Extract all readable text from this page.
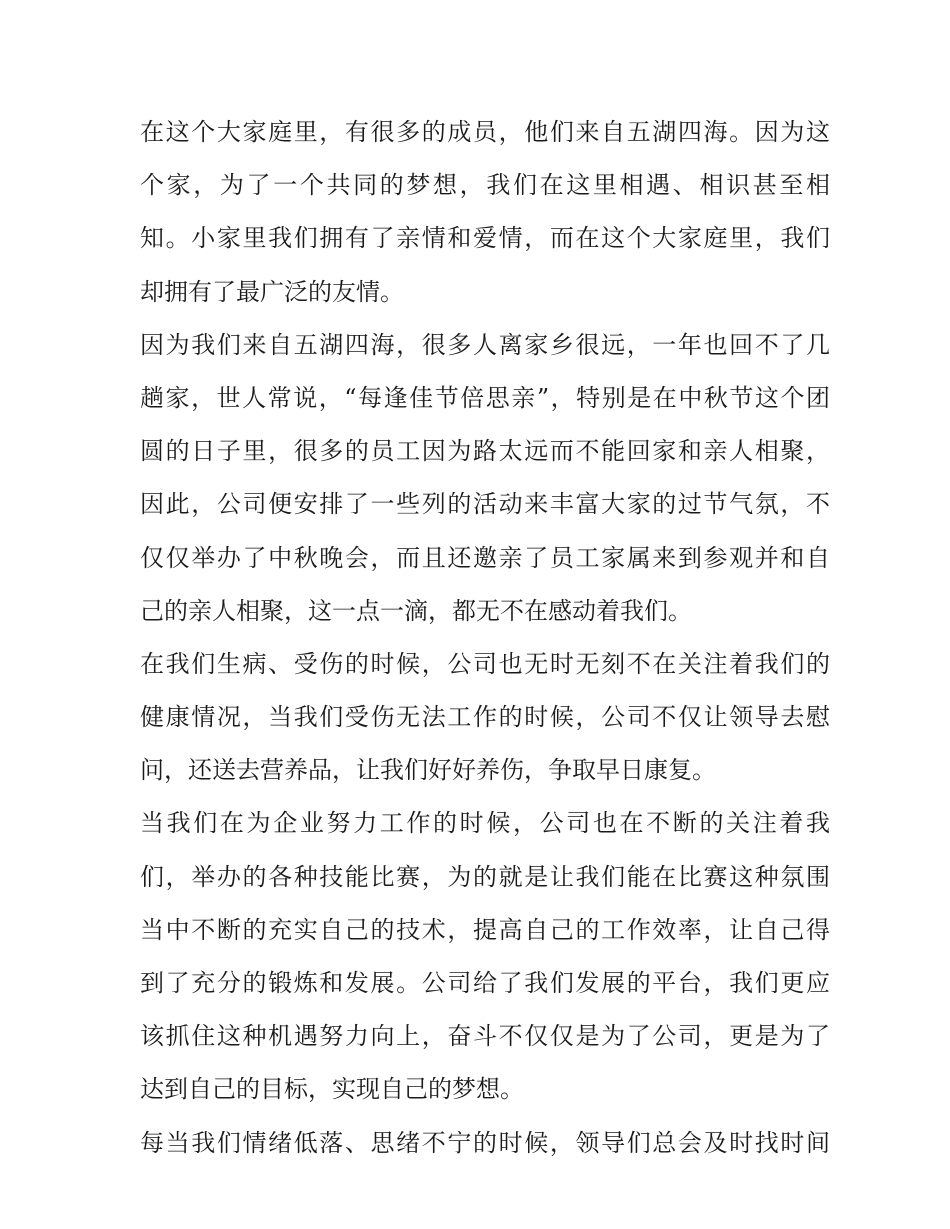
在这个大家庭里，有很多的成员，他们来自五湖四海。因为这
个家，为了一个共同的梦想，我们在这里相遇、相识甚至相
知。小家里我们拥有了亲情和爱情，而在这个大家庭里，我们
却拥有了最广泛的友情。
因为我们来自五湖四海，很多人离家乡很远，一年也回不了几
趟家，世人常说，“每逢佳节倍思亲”，特别是在中秋节这个团
圆的日子里，很多的员工因为路太远而不能回家和亲人相聚，
因此，公司便安排了一些列的活动来丰富大家的过节气氛，不
仅仅举办了中秋晚会，而且还邀亲了员工家属来到参观并和自
己的亲人相聚，这一点一滴，都无不在感动着我们。
在我们生病、受伤的时候，公司也无时无刻不在关注着我们的
健康情况，当我们受伤无法工作的时候，公司不仅让领导去慰
问，还送去营养品，让我们好好养伤，争取早日康复。
当我们在为企业努力工作的时候，公司也在不断的关注着我
们，举办的各种技能比赛，为的就是让我们能在比赛这种氛围
当中不断的充实自己的技术，提高自己的工作效率，让自己得
到了充分的锻炼和发展。公司给了我们发展的平台，我们更应
该抓住这种机遇努力向上，奋斗不仅仅是为了公司，更是为了
达到自己的目标，实现自己的梦想。
每当我们情绪低落、思绪不宁的时候，领导们总会及时找时间
